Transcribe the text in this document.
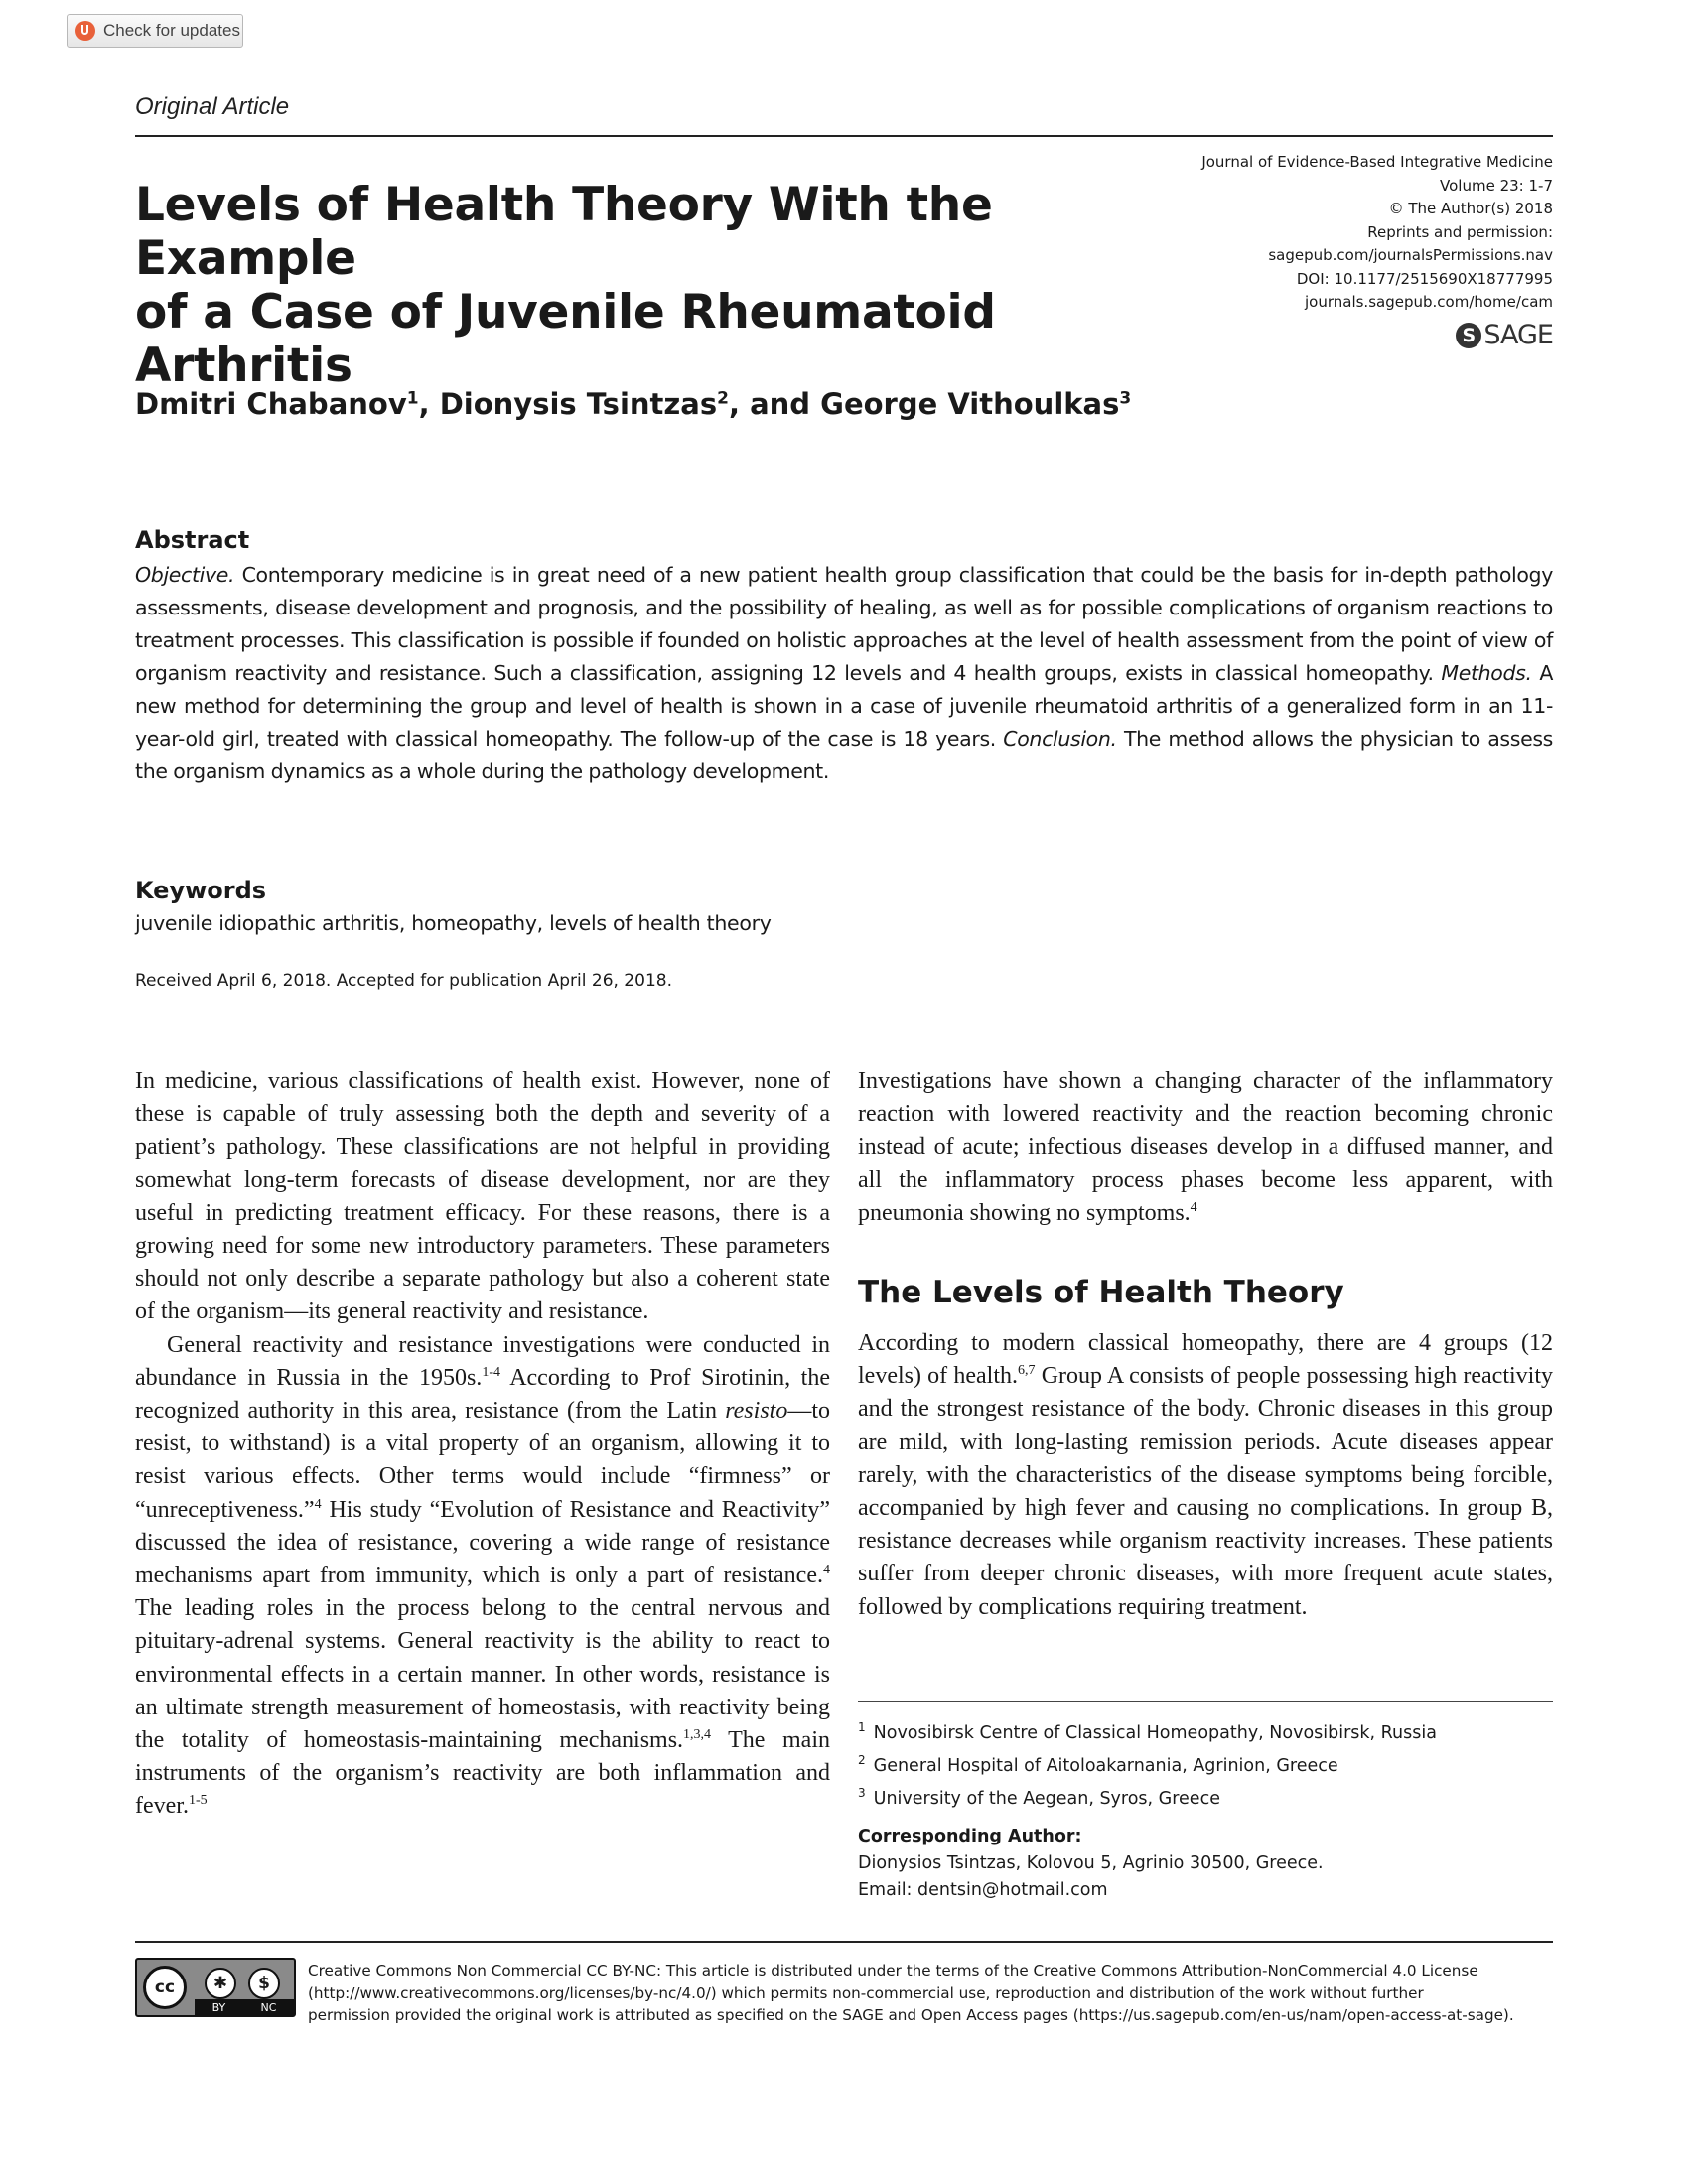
Check for updates
Original Article
Levels of Health Theory With the Example
of a Case of Juvenile Rheumatoid Arthritis
Journal of Evidence-Based Integrative Medicine
Volume 23: 1-7
© The Author(s) 2018
Reprints and permission:
sagepub.com/journalsPermissions.nav
DOI: 10.1177/2515690X18777995
journals.sagepub.com/home/cam
S SAGE
Dmitri Chabanov$^1$, Dionysis Tsintzas$^2$, and George Vithoulkas$^3$
Abstract
Objective. Contemporary medicine is in great need of a new patient health group classification that could be the basis for in-depth pathology assessments, disease development and prognosis, and the possibility of healing, as well as for possible complications of organism reactions to treatment processes. This classification is possible if founded on holistic approaches at the level of health assessment from the point of view of organism reactivity and resistance. Such a classification, assigning 12 levels and 4 health groups, exists in classical homeopathy. Methods. A new method for determining the group and level of health is shown in a case of juvenile rheumatoid arthritis of a generalized form in an 11-year-old girl, treated with classical homeopathy. The follow-up of the case is 18 years. Conclusion. The method allows the physician to assess the organism dynamics as a whole during the pathology development.
Keywords
juvenile idiopathic arthritis, homeopathy, levels of health theory
Received April 6, 2018. Accepted for publication April 26, 2018.

In medicine, various classifications of health exist. However, none of these is capable of truly assessing both the depth and severity of a patient’s pathology. These classifications are not helpful in providing somewhat long-term forecasts of disease development, nor are they useful in predicting treatment efficacy. For these reasons, there is a growing need for some new introductory parameters. These parameters should not only describe a separate pathology but also a coherent state of the organism—its general reactivity and resistance.

General reactivity and resistance investigations were conducted in abundance in Russia in the 1950s.$^{1-4}$ According to Prof Sirotinin, the recognized authority in this area, resistance (from the Latin resisto—to resist, to withstand) is a vital property of an organism, allowing it to resist various effects. Other terms would include “firmness” or “unreceptiveness.”$^4$ His study “Evolution of Resistance and Reactivity” discussed the idea of resistance, covering a wide range of resistance mechanisms apart from immunity, which is only a part of resistance.$^4$ The leading roles in the process belong to the central nervous and pituitary-adrenal systems. General reactivity is the ability to react to environmental effects in a certain manner. In other words, resistance is an ultimate strength measurement of homeostasis, with reactivity being the totality of homeostasis-maintaining mechanisms.$^{1,3,4}$ The main instruments of the organism’s reactivity are both inflammation and fever.$^{1-5}$

Investigations have shown a changing character of the inflammatory reaction with lowered reactivity and the reaction becoming chronic instead of acute; infectious diseases develop in a diffused manner, and all the inflammatory process phases become less apparent, with pneumonia showing no symptoms.$^4$

The Levels of Health Theory

According to modern classical homeopathy, there are 4 groups (12 levels) of health.$^{6,7}$ Group A consists of people possessing high reactivity and the strongest resistance of the body. Chronic diseases in this group are mild, with long-lasting remission periods. Acute diseases appear rarely, with the characteristics of the disease symptoms being forcible, accompanied by high fever and causing no complications. In group B, resistance decreases while organism reactivity increases. These patients suffer from deeper chronic diseases, with more frequent acute states, followed by complications requiring treatment.

$^1$ Novosibirsk Centre of Classical Homeopathy, Novosibirsk, Russia
$^2$ General Hospital of Aitoloakarnania, Agrinion, Greece
$^3$ University of the Aegean, Syros, Greece
Corresponding Author:
Dionysios Tsintzas, Kolovou 5, Agrinio 30500, Greece.
Email: dentsin@hotmail.com
cc	✱	$
BY	NC
Creative Commons Non Commercial CC BY-NC: This article is distributed under the terms of the Creative Commons Attribution-NonCommercial 4.0 License
(http://www.creativecommons.org/licenses/by-nc/4.0/) which permits non-commercial use, reproduction and distribution of the work without further
permission provided the original work is attributed as specified on the SAGE and Open Access pages (https://us.sagepub.com/en-us/nam/open-access-at-sage).
